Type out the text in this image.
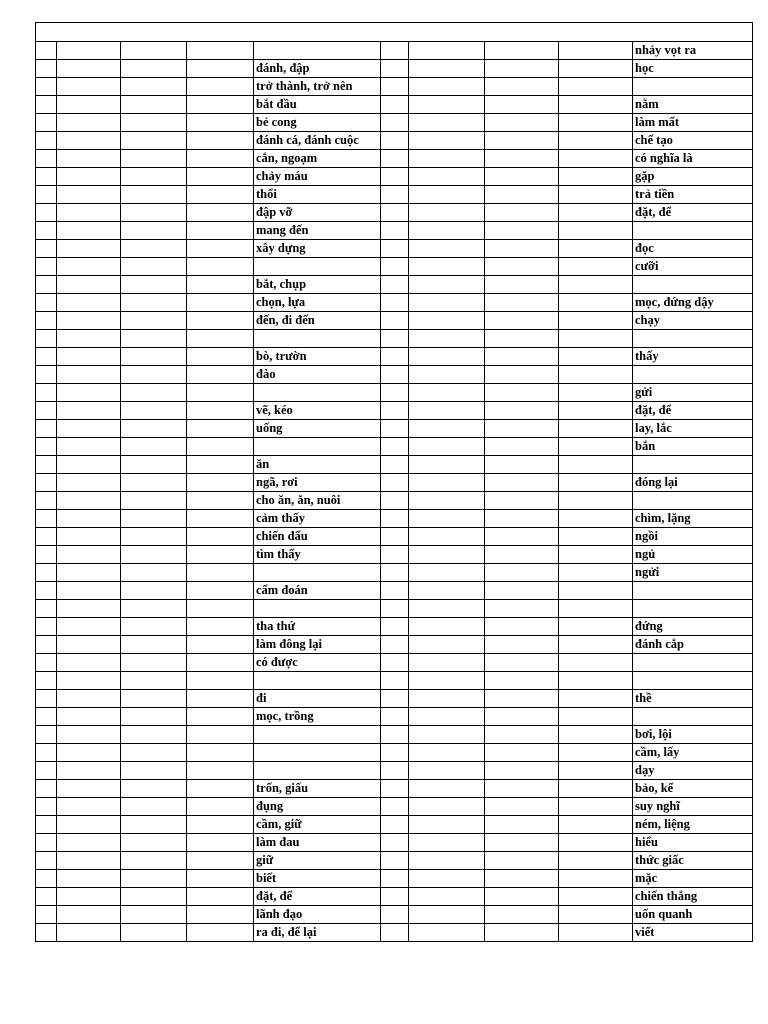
									nhảy vọt ra
				đánh, đập					học
				trở thành, trở nên					
				bắt đầu					nằm
				bẻ cong					làm mất
				đánh cá, đánh cuộc					chế tạo
				cắn, ngoạm					có nghĩa là
				chảy máu					gặp
				thổi					trả tiền
				đập vỡ					đặt, để
				mang đến					
				xây dựng					đọc
									cưỡi
				bắt, chụp					
				chọn, lựa					mọc, đứng dậy
				đến, đi đến					chạy

				bò, trườn					thấy
				đào					
									gửi
				vẽ, kéo					đặt, để
				uống					lay, lắc
									bắn
				ăn					
				ngã, rơi					đóng lại
				cho ăn, ăn, nuôi					
				cảm thấy					chìm, lặng
				chiến đấu					ngồi
				tìm thấy					ngủ
									ngửi
				cấm đoán					

				tha thứ					đứng
				làm đông lại					đánh cắp
				có được					

				đi					thề
				mọc, trồng					
									bơi, lội
									cầm, lấy
									dạy
				trốn, giấu					bảo, kể
				đụng					suy nghĩ
				cầm, giữ					ném, liệng
				làm đau					hiểu
				giữ					thức giấc
				biết					mặc
				đặt, để					chiến thắng
				lãnh đạo					uốn quanh
				ra đi, để lại					viết
